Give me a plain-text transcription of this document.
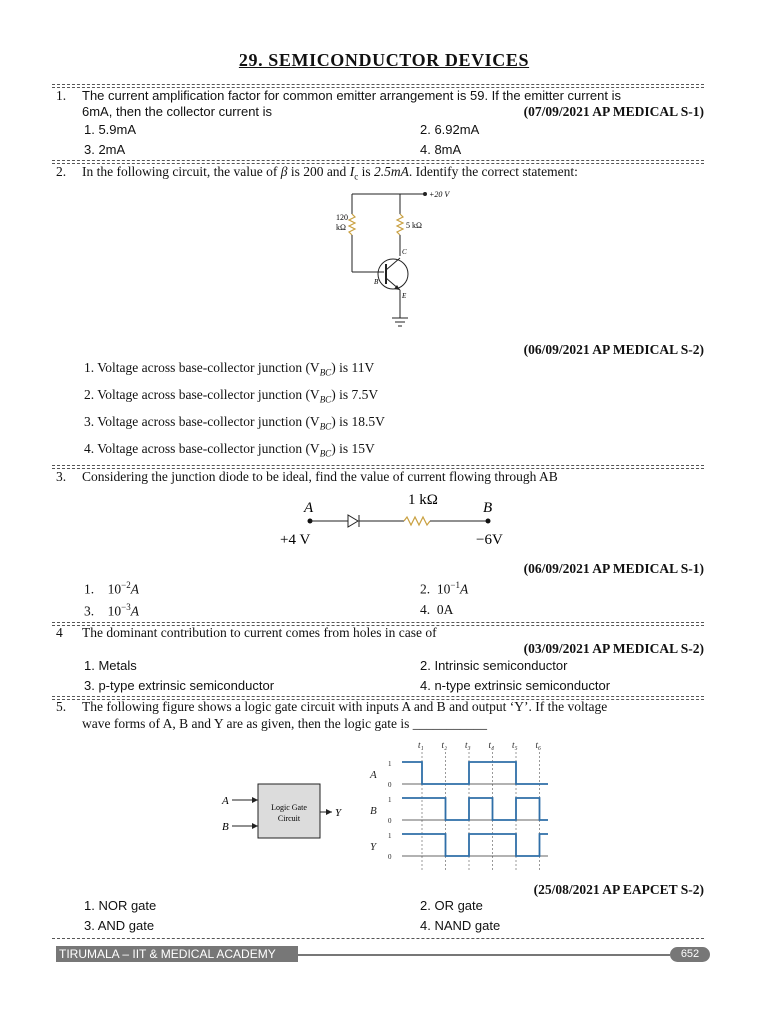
29. SEMICONDUCTOR DEVICES
1. The current amplification factor for common emitter arrangement is 59. If the emitter current is
6mA, then the collector current is	(07/09/2021 AP MEDICAL S-1)
1. 5.9mA	2. 6.92mA
3. 2mA	4. 8mA
2. In the following circuit, the value of β is 200 and $I_c$ is 2.5mA. Identify the correct statement:
+20 V
120
kΩ	5 kΩ
C
B
E
(06/09/2021 AP MEDICAL S-2)
1. Voltage across base-collector junction $(V_{BC})$ is 11V
2. Voltage across base-collector junction $(V_{BC})$ is 7.5V
3. Voltage across base-collector junction $(V_{BC})$ is 18.5V
4. Voltage across base-collector junction $(V_{BC})$ is 15V
3. Considering the junction diode to be ideal, find the value of current flowing through AB
A
+4 V
1 kΩ	B
−6V
(06/09/2021 AP MEDICAL S-1)
1. $10^{-2}A$	2. $10^{-1}A$
3. $10^{-3}A$	4. 0A
4 The dominant contribution to current comes from holes in case of
(03/09/2021 AP MEDICAL S-2)
1. Metals	2. Intrinsic semiconductor
3. p-type extrinsic semiconductor	4. n-type extrinsic semiconductor
5. The following figure shows a logic gate circuit with inputs A and B and output ‘Y’. If the voltage
wave forms of A, B and Y are as given, then the logic gate is ___________
A
B
Logic Gate
Circuit	Y
t₁ t₂ t₃ t₄ t₅ t₆
A
1
0
B
1
0
Y
1
0
(25/08/2021 AP EAPCET S-2)
1. NOR gate	2. OR gate
3. AND gate	4. NAND gate
TIRUMALA – IIT & MEDICAL ACADEMY	652
